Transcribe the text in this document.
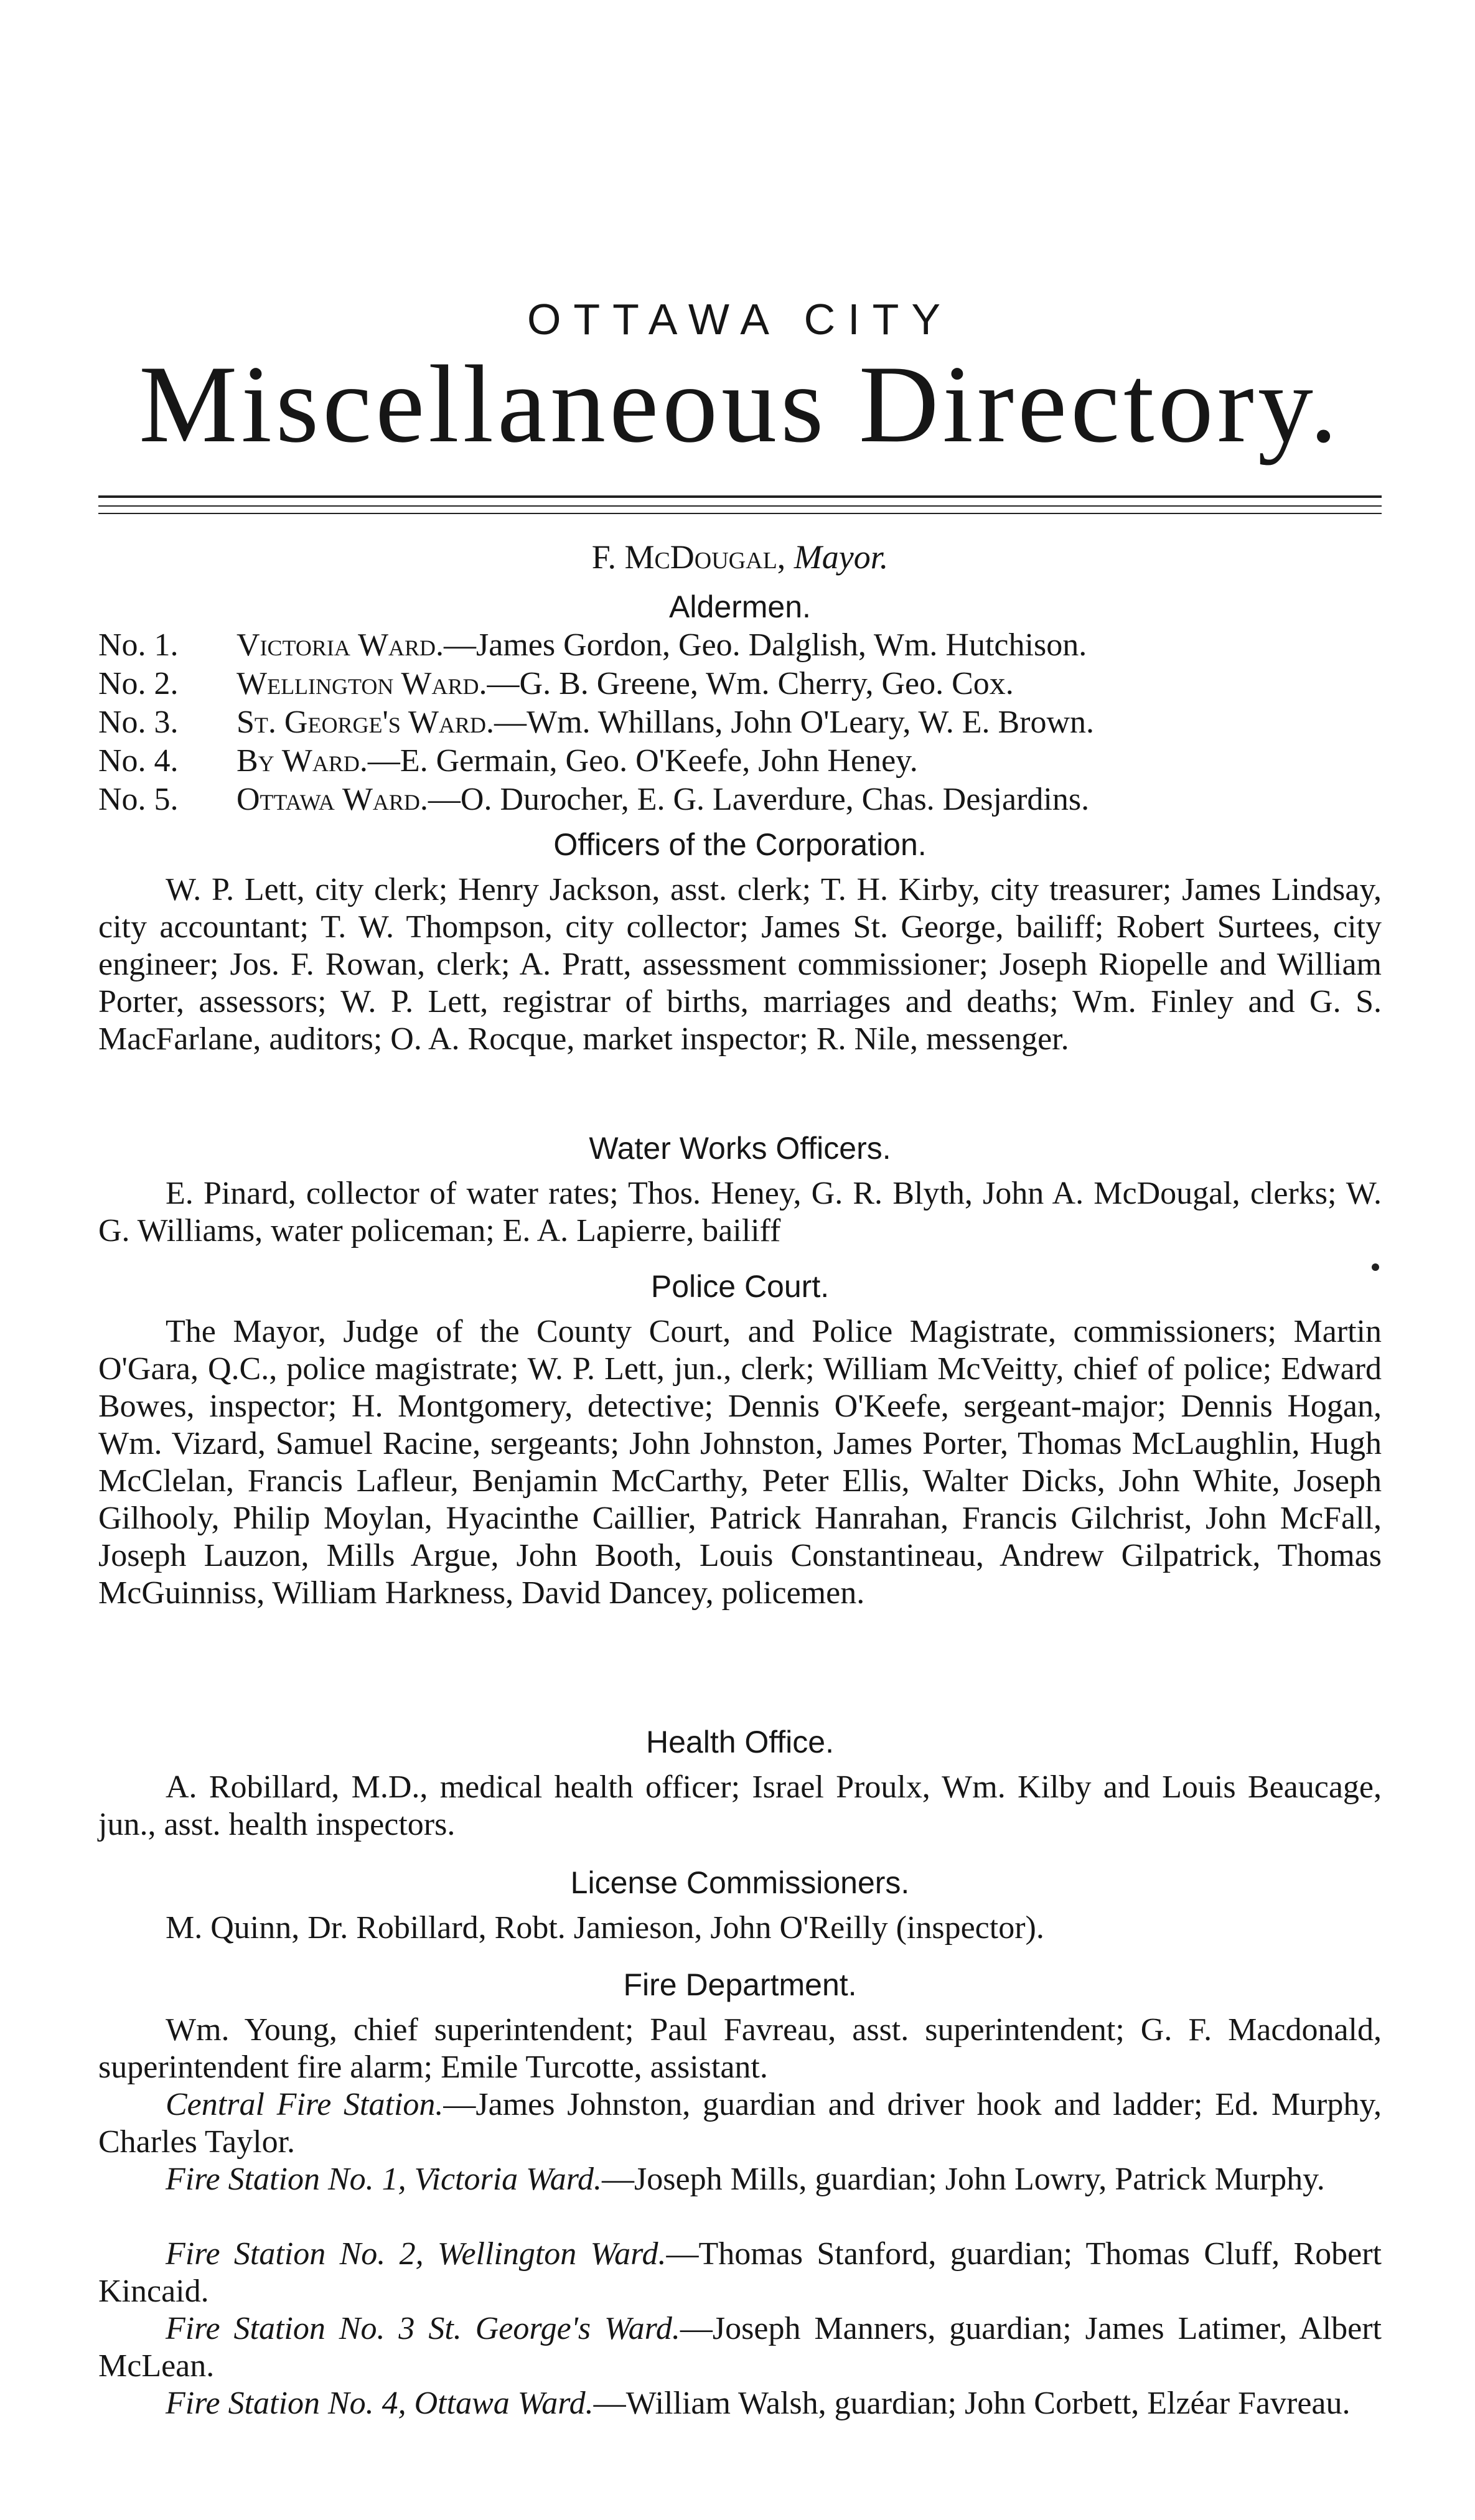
OTTAWA CITY
Miscellaneous Directory.
F. McDougal, Mayor.
Aldermen.
No. 1.	Victoria Ward. —James Gordon, Geo. Dalglish, Wm. Hutchison.
No. 2.	Wellington Ward. —G. B. Greene, Wm. Cherry, Geo. Cox.
No. 3.	St. George's Ward. —Wm. Whillans, John O'Leary, W. E. Brown.
No. 4.	By Ward. —E. Germain, Geo. O'Keefe, John Heney.
No. 5.	Ottawa Ward. —O. Durocher, E. G. Laverdure, Chas. Desjardins.
Officers of the Corporation.

W. P. Lett, city clerk; Henry Jackson, asst. clerk; T. H. Kirby, city treasurer; James Lindsay, city accountant; T. W. Thompson, city collector; James St. George, bailiff; Robert Surtees, city engineer; Jos. F. Rowan, clerk; A. Pratt, assessment commissioner; Joseph Riopelle and William Porter, assessors; W. P. Lett, registrar of births, marriages and deaths; Wm. Finley and G. S. MacFarlane, auditors; O. A. Rocque, market inspector; R. Nile, messenger.

Water Works Officers.

E. Pinard, collector of water rates; Thos. Heney, G. R. Blyth, John A. McDougal, clerks; W. G. Williams, water policeman; E. A. Lapierre, bailiff

Police Court.

The Mayor, Judge of the County Court, and Police Magistrate, commissioners; Martin O'Gara, Q.C., police magistrate; W. P. Lett, jun., clerk; William McVeitty, chief of police; Edward Bowes, inspector; H. Montgomery, detective; Dennis O'Keefe, sergeant-major; Dennis Hogan, Wm. Vizard, Samuel Racine, sergeants; John Johnston, James Porter, Thomas McLaughlin, Hugh McClelan, Francis Lafleur, Benjamin McCarthy, Peter Ellis, Walter Dicks, John White, Joseph Gilhooly, Philip Moylan, Hyacinthe Caillier, Patrick Hanrahan, Francis Gilchrist, John McFall, Joseph Lauzon, Mills Argue, John Booth, Louis Constantineau, Andrew Gilpatrick, Thomas McGuinniss, William Harkness, David Dancey, policemen.

Health Office.

A. Robillard, M.D., medical health officer; Israel Proulx, Wm. Kilby and Louis Beaucage, jun., asst. health inspectors.

License Commissioners.

M. Quinn, Dr. Robillard, Robt. Jamieson, John O'Reilly (inspector).

Fire Department.

Wm. Young, chief superintendent; Paul Favreau, asst. superintendent; G. F. Macdonald, superintendent fire alarm; Emile Turcotte, assistant.

Central Fire Station.—James Johnston, guardian and driver hook and ladder; Ed. Murphy, Charles Taylor.

Fire Station No. 1, Victoria Ward.—Joseph Mills, guardian; John Lowry, Patrick Murphy.

Fire Station No. 2, Wellington Ward.—Thomas Stanford, guardian; Thomas Cluff, Robert Kincaid.

Fire Station No. 3 St. George's Ward.—Joseph Manners, guardian; James Latimer, Albert McLean.

Fire Station No. 4, Ottawa Ward.—William Walsh, guardian; John Corbett, Elzéar Favreau.
